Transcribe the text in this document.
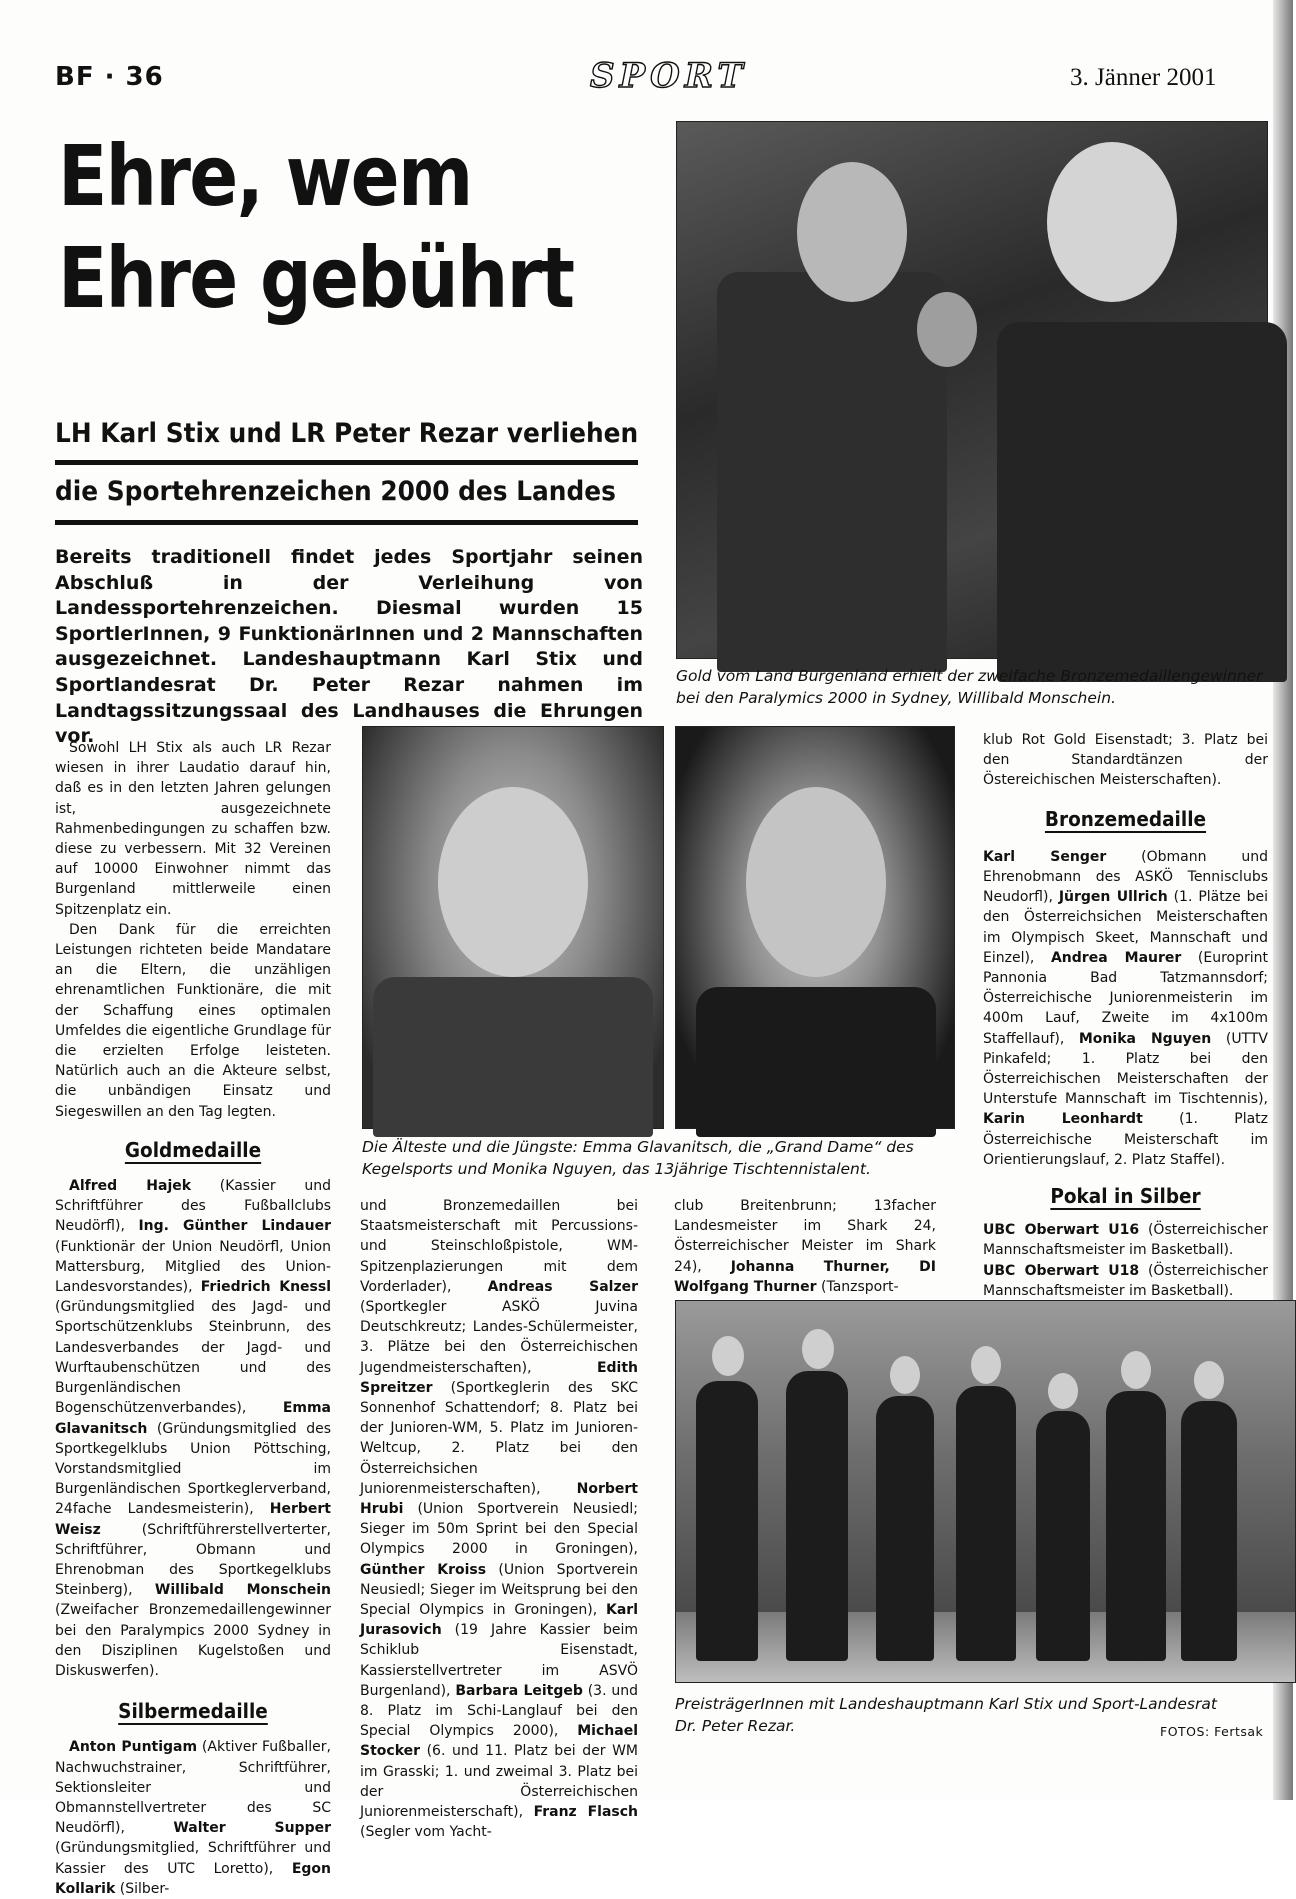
BF · 36	SPORT	3. Jänner 2001
Ehre, wem
Ehre gebührt
LH Karl Stix und LR Peter Rezar verliehen
die Sportehrenzeichen 2000 des Landes
Bereits traditionell findet jedes Sportjahr seinen Abschluß in der Verleihung von Landessportehrenzeichen. Diesmal wurden 15 SportlerInnen, 9 FunktionärInnen und 2 Mannschaften ausgezeichnet. Landeshauptmann Karl Stix und Sportlandesrat Dr. Peter Rezar nahmen im Landtagssitzungssaal des Landhauses die Ehrungen vor.
Gold vom Land Burgenland erhielt der zweifache Bronzemedaillengewinner bei den Paralymics 2000 in Sydney, Willibald Monschein.
Die Älteste und die Jüngste: Emma Glavanitsch, die „Grand Dame“ des
Kegelsports und Monika Nguyen, das 13jährige Tischtennistalent.
PreisträgerInnen mit Landeshauptmann Karl Stix und Sport-Landesrat Dr. Peter Rezar.	FOTOS: Fertsak

Sowohl LH Stix als auch LR Rezar wiesen in ihrer Laudatio darauf hin, daß es in den letzten Jahren gelungen ist, ausgezeichnete Rahmenbedingungen zu schaffen bzw. diese zu verbessern. Mit 32 Vereinen auf 10000 Einwohner nimmt das Burgenland mittlerweile einen Spitzenplatz ein.

Den Dank für die erreichten Leistungen richteten beide Mandatare an die Eltern, die unzähligen ehrenamtlichen Funktionäre, die mit der Schaffung eines optimalen Umfeldes die eigentliche Grundlage für die erzielten Erfolge leisteten. Natürlich auch an die Akteure selbst, die unbändigen Einsatz und Siegeswillen an den Tag legten.

Goldmedaille

Alfred Hajek (Kassier und Schriftführer des Fußballclubs Neudörfl), Ing. Günther Lindauer (Funktionär der Union Neudörfl, Union Mattersburg, Mitglied des Union-Landesvorstandes), Friedrich Knessl (Gründungsmitglied des Jagd- und Sportschützenklubs Steinbrunn, des Landesverbandes der Jagd- und Wurftaubenschützen und des Burgenländischen Bogenschützenverbandes), Emma Glavanitsch (Gründungsmitglied des Sportkegelklubs Union Pöttsching, Vorstandsmitglied im Burgenländischen Sportkeglerverband, 24fache Landesmeisterin), Herbert Weisz (Schriftführerstellverterter, Schriftführer, Obmann und Ehrenobman des Sportkegelklubs Steinberg), Willibald Monschein (Zweifacher Bronzemedaillengewinner bei den Paralympics 2000 Sydney in den Disziplinen Kugelstoßen und Diskuswerfen).

Silbermedaille

Anton Puntigam (Aktiver Fußballer, Nachwuchstrainer, Schriftführer, Sektionsleiter und Obmannstellvertreter des SC Neudörfl), Walter Supper (Gründungsmitglied, Schriftführer und Kassier des UTC Loretto), Egon Kollarik (Silber-

und Bronzemedaillen bei Staatsmeisterschaft mit Percussions- und Steinschloßpistole, WM-Spitzenplazierungen mit dem Vorderlader), Andreas Salzer (Sportkegler ASKÖ Juvina Deutschkreutz; Landes-Schülermeister, 3. Plätze bei den Österreichischen Jugendmeisterschaften), Edith Spreitzer (Sportkeglerin des SKC Sonnenhof Schattendorf; 8. Platz bei der Junioren-WM, 5. Platz im Junioren-Weltcup, 2. Platz bei den Österreichsichen Juniorenmeisterschaften), Norbert Hrubi (Union Sportverein Neusiedl; Sieger im 50m Sprint bei den Special Olympics 2000 in Groningen), Günther Kroiss (Union Sportverein Neusiedl; Sieger im Weitsprung bei den Special Olympics in Groningen), Karl Jurasovich (19 Jahre Kassier beim Schiklub Eisenstadt, Kassierstellvertreter im ASVÖ Burgenland), Barbara Leitgeb (3. und 8. Platz im Schi-Langlauf bei den Special Olympics 2000), Michael Stocker (6. und 11. Platz bei der WM im Grasski; 1. und zweimal 3. Platz bei der Österreichischen Juniorenmeisterschaft), Franz Flasch (Segler vom Yacht-

club Breitenbrunn; 13facher Landesmeister im Shark 24, Österreichischer Meister im Shark 24), Johanna Thurner, DI Wolfgang Thurner (Tanzsport-

klub Rot Gold Eisenstadt; 3. Platz bei den Standardtänzen der Östereichischen Meisterschaften).

Bronzemedaille

Karl Senger (Obmann und Ehrenobmann des ASKÖ Tennisclubs Neudorfl), Jürgen Ullrich (1. Plätze bei den Österreichsichen Meisterschaften im Olympisch Skeet, Mannschaft und Einzel), Andrea Maurer (Europrint Pannonia Bad Tatzmannsdorf; Österreichische Juniorenmeisterin im 400m Lauf, Zweite im 4x100m Staffellauf), Monika Nguyen (UTTV Pinkafeld; 1. Platz bei den Österreichischen Meisterschaften der Unterstufe Mannschaft im Tischtennis), Karin Leonhardt (1. Platz Österreichische Meisterschaft im Orientierungslauf, 2. Platz Staffel).

Pokal in Silber

UBC Oberwart U16 (Österreichischer Mannschaftsmeister im Basketball).

UBC Oberwart U18 (Österreichischer Mannschaftsmeister im Basketball).
